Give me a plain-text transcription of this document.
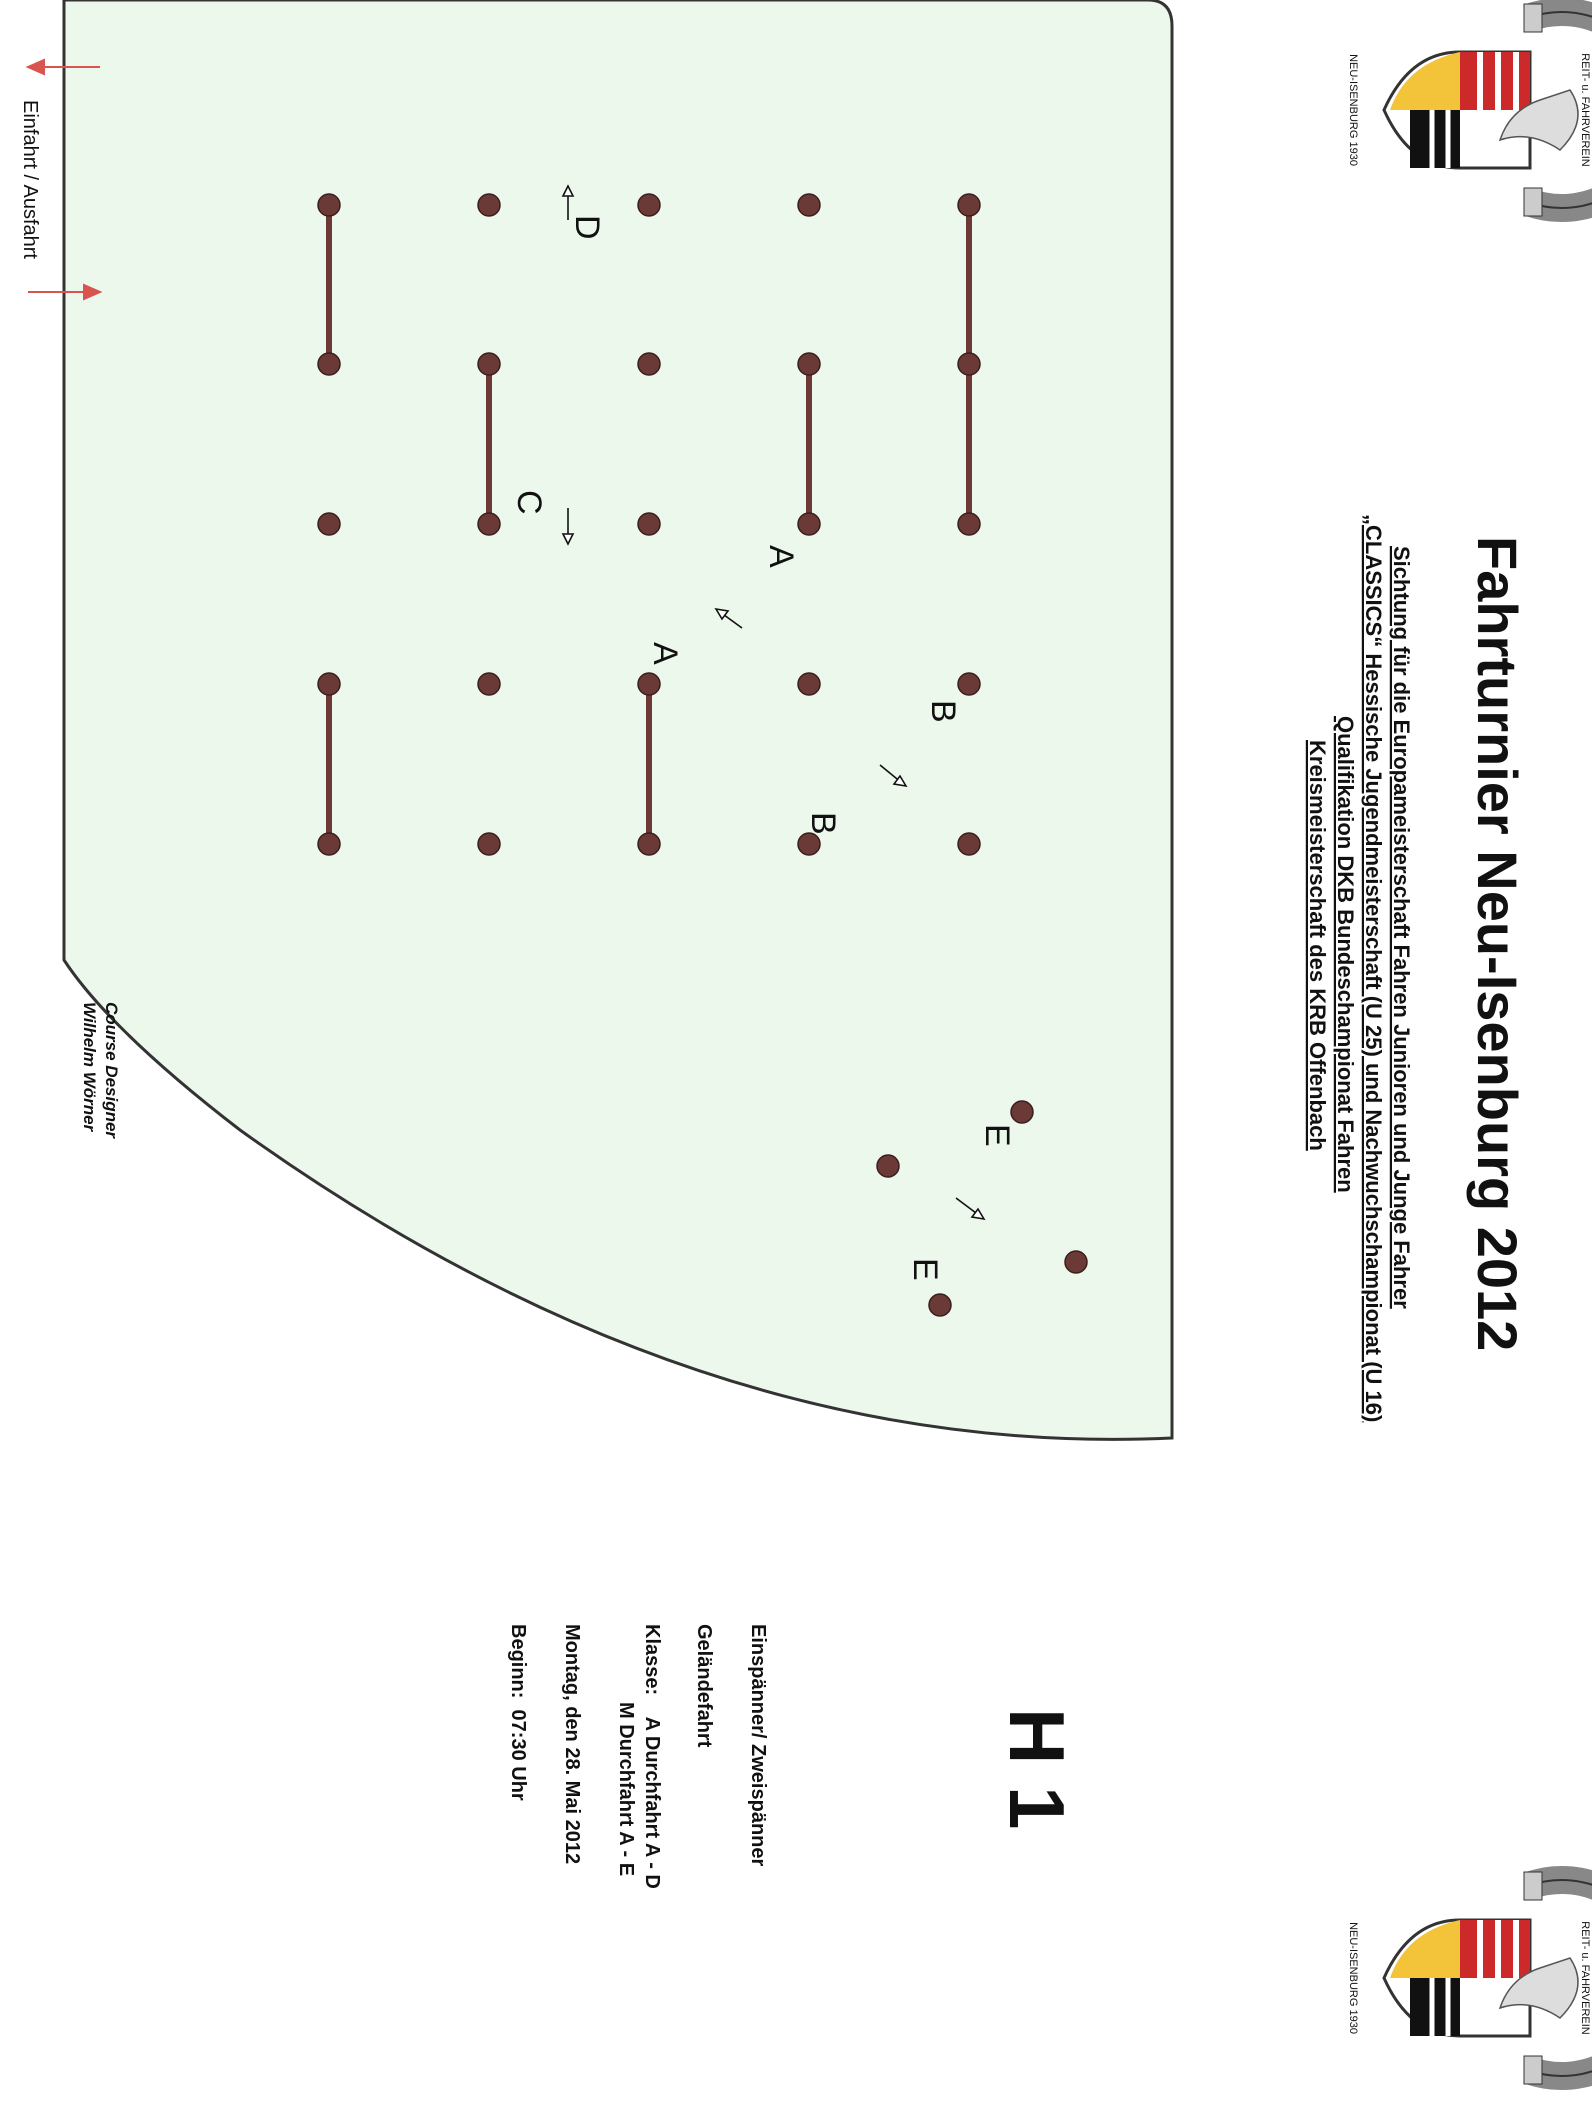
Einfahrt / Ausfahrt
A
A
B
B
C
D
E
E	Fahrturnier Neu-Isenburg 2012
Sichtung für die Europameisterschaft Fahren Junioren und Junge Fahrer
„CLASSICS“ Hessische Jugendmeisterschaft (U 25) und Nachwuchschampionat (U 16)
Qualifikation DKB Bundeschampionat Fahren
Kreismeisterschaft des KRB Offenbach
H 1
Einspänner/ Zweispänner
Geländefahrt
Klasse:    A Durchfahrt A - D
M Durchfahrt A - E
Montag, den 28. Mai 2012
Beginn:  07:30 Uhr
Course Designer
Wilhelm Wörner
REIT- u. FAHRVEREIN
NEU-ISENBURG 1930
REIT- u. FAHRVEREIN
NEU-ISENBURG 1930
